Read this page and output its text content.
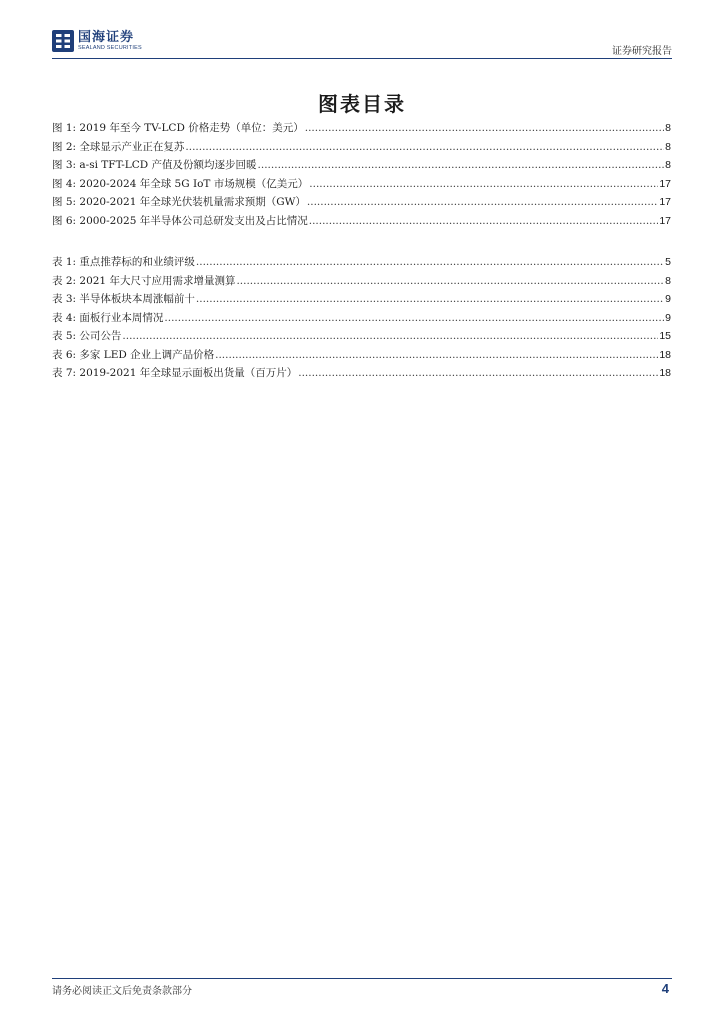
国海证券
SEALAND SECURITIES	证券研究报告
图表目录
图 1: 2019 年至今 TV-LCD 价格走势（单位：美元） .....	8
图 2: 全球显示产业正在复苏 .....	8
图 3: a-si TFT-LCD 产值及份额均逐步回暖 .....	8
图 4: 2020-2024 年全球 5G IoT 市场规模（亿美元） .....	17
图 5: 2020-2021 年全球光伏装机量需求预期（GW） .....	17
图 6: 2000-2025 年半导体公司总研发支出及占比情况 .....	17
表 1: 重点推荐标的和业绩评级 .....	5
表 2: 2021 年大尺寸应用需求增量测算 .....	8
表 3: 半导体板块本周涨幅前十 .....	9
表 4: 面板行业本周情况 .....	9
表 5: 公司公告 .....	15
表 6: 多家 LED 企业上调产品价格 .....	18
表 7: 2019-2021 年全球显示面板出货量（百万片） .....	18
请务必阅读正文后免责条款部分	4
